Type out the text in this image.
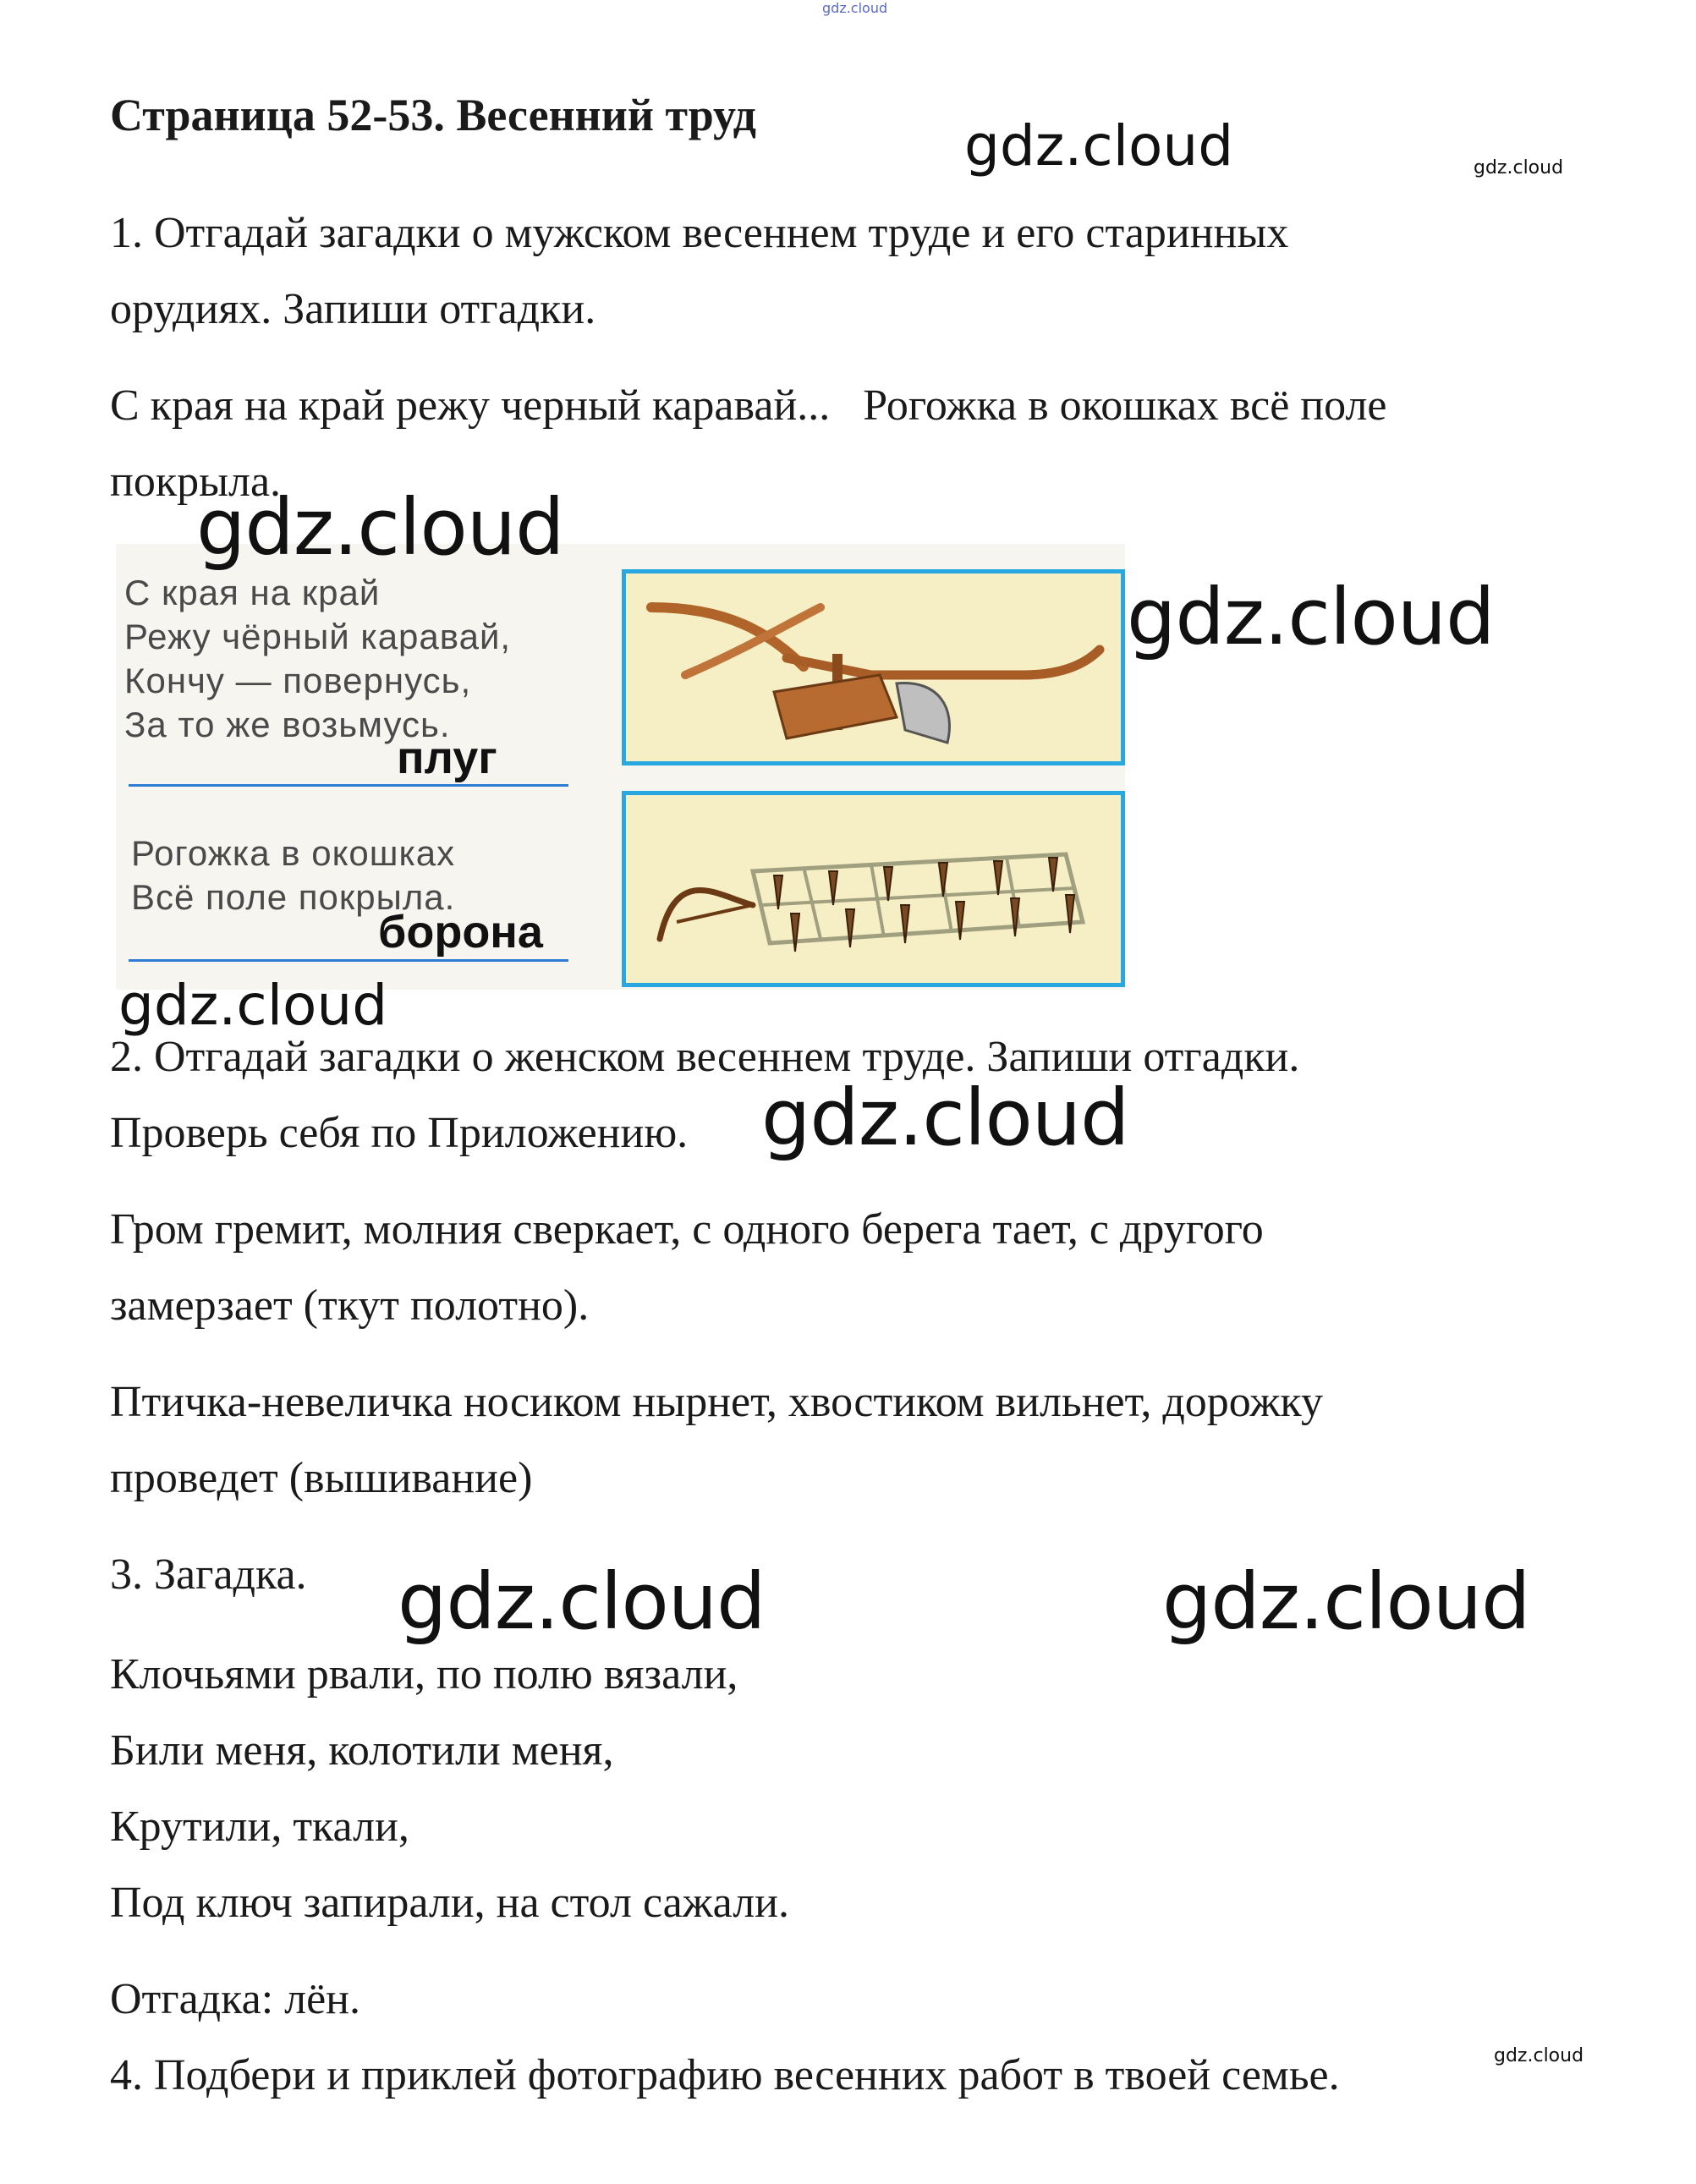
gdz.cloud
Страница 52-53. Весенний труд	gdz.cloud	gdz.cloud
1. Отгадай загадки о мужском весеннем труде и его старинных
орудиях. Запиши отгадки.
С края на край режу черный каравай...   Рогожка в окошках всё поле
покрыла.
С края на край
Режу чёрный каравай,
Кончу — повернусь,
За то же возьмусь.
плуг
Рогожка в окошках
Всё поле покрыла.
борона
gdz.cloud
gdz.cloud
gdz.cloud
2. Отгадай загадки о женском весеннем труде. Запиши отгадки.
Проверь себя по Приложению. gdz.cloud
Гром гремит, молния сверкает, с одного берега тает, с другого
замерзает (ткут полотно).
Птичка-невеличка носиком нырнет, хвостиком вильнет, дорожку
проведет (вышивание)
3. Загадка. gdz.cloud	gdz.cloud
Клочьями рвали, по полю вязали,
Били меня, колотили меня,
Крутили, ткали,
Под ключ запирали, на стол сажали.
Отгадка: лён.
4. Подбери и приклей фотографию весенних работ в твоей семье.	gdz.cloud
